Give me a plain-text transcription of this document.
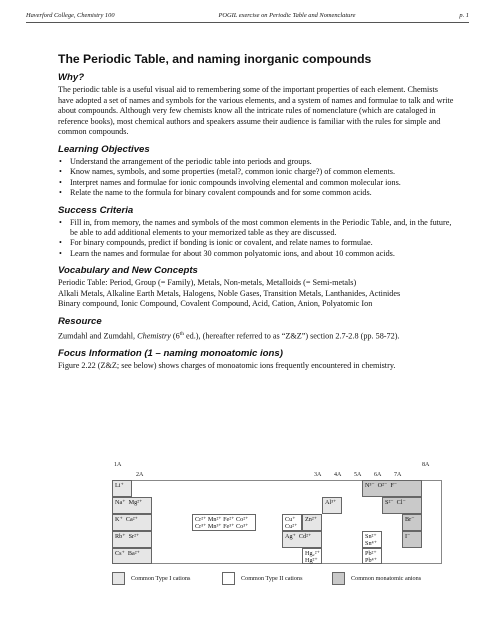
Haverford College, Chemistry 100	POGIL exercise on Periodic Table and Nomenclature	p. 1
The Periodic Table, and naming inorganic compounds
Why?

The periodic table is a useful visual aid to remembering some of the important properties of each element. Chemists have adopted a set of names and symbols for the various elements, and a system of names and formulae to talk and write about compounds. Although very few chemists know all the intricate rules of nomenclature (which are cataloged in reference books), most chemical authors and speakers assume their audience is familiar with the rules for simple and common compounds.

Learning Objectives
• Understand the arrangement of the periodic table into periods and groups.
• Know names, symbols, and some properties (metal?, common ionic charge?) of common elements.
• Interpret names and formulae for ionic compounds involving elemental and common molecular ions.
• Relate the name to the formula for binary covalent compounds and for some common acids.
Success Criteria
• Fill in, from memory, the names and symbols of the most common elements in the Periodic Table, and, in the future, be able to add additional elements to your memorized table as they are discussed.
• For binary compounds, predict if bonding is ionic or covalent, and relate names to formulae.
• Learn the names and formulae for about 30 common polyatomic ions, and about 10 common acids.
Vocabulary and New Concepts

Periodic Table: Period, Group (= Family), Metals, Non-metals, Metalloids (= Semi-metals)

Alkali Metals, Alkaline Earth Metals, Halogens, Noble Gases, Transition Metals, Lanthanides, Actinides

Binary compound, Ionic Compound, Covalent Compound, Acid, Cation, Anion, Polyatomic Ion

Resource

Zumdahl and Zumdahl, Chemistry (6th ed.), (hereafter referred to as “Z&Z”) section 2.7-2.8 (pp. 58-72).

Focus Information (1 – naming monoatomic ions)

Figure 2.22 (Z&Z; see below) shows charges of monoatomic ions frequently encountered in chemistry.

1A
2A	3A 4A 5A 6A 7A
8A
Li⁺
Na⁺  Mg²⁺
K⁺  Ca²⁺
Rb⁺  Sr²⁺
Cs⁺  Ba²⁺
Cr²⁺ Mn²⁺ Fe²⁺ Co²⁺
Cr³⁺ Mn³⁺ Fe³⁺ Co³⁺
Cu⁺
Cu²⁺
Zn²⁺
Ag⁺  Cd²⁺
Hg₂²⁺
Hg²⁺
Al³⁺
N³⁻  O²⁻  F⁻
S²⁻  Cl⁻
Br⁻
Sn²⁺
Sn⁴⁺
I⁻
Pb²⁺
Pb⁴⁺
Common Type I cations	Common Type II cations	Common monatomic anions
